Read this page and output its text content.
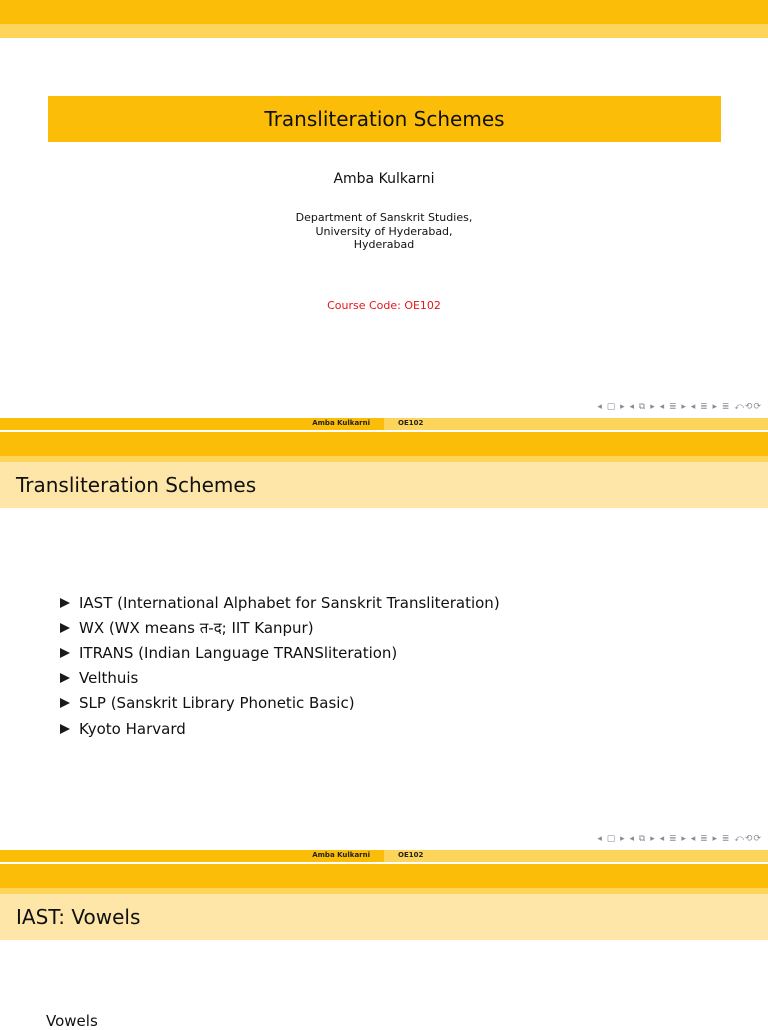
Transliteration Schemes
Amba Kulkarni
Department of Sanskrit Studies,
University of Hyderabad,
Hyderabad
Course Code: OE102
◂ ▢ ▸ ◂ ⧉ ▸ ◂ ≣ ▸ ◂ ≣ ▸ ≣ ⤺⟲⟳
Amba Kulkarni	OE102
Transliteration Schemes
IAST (International Alphabet for Sanskrit Transliteration)
WX (WX means त-द; IIT Kanpur)
ITRANS (Indian Language TRANSliteration)
Velthuis
SLP (Sanskrit Library Phonetic Basic)
Kyoto Harvard
◂ ▢ ▸ ◂ ⧉ ▸ ◂ ≣ ▸ ◂ ≣ ▸ ≣ ⤺⟲⟳
Amba Kulkarni	OE102
IAST: Vowels
Vowels
